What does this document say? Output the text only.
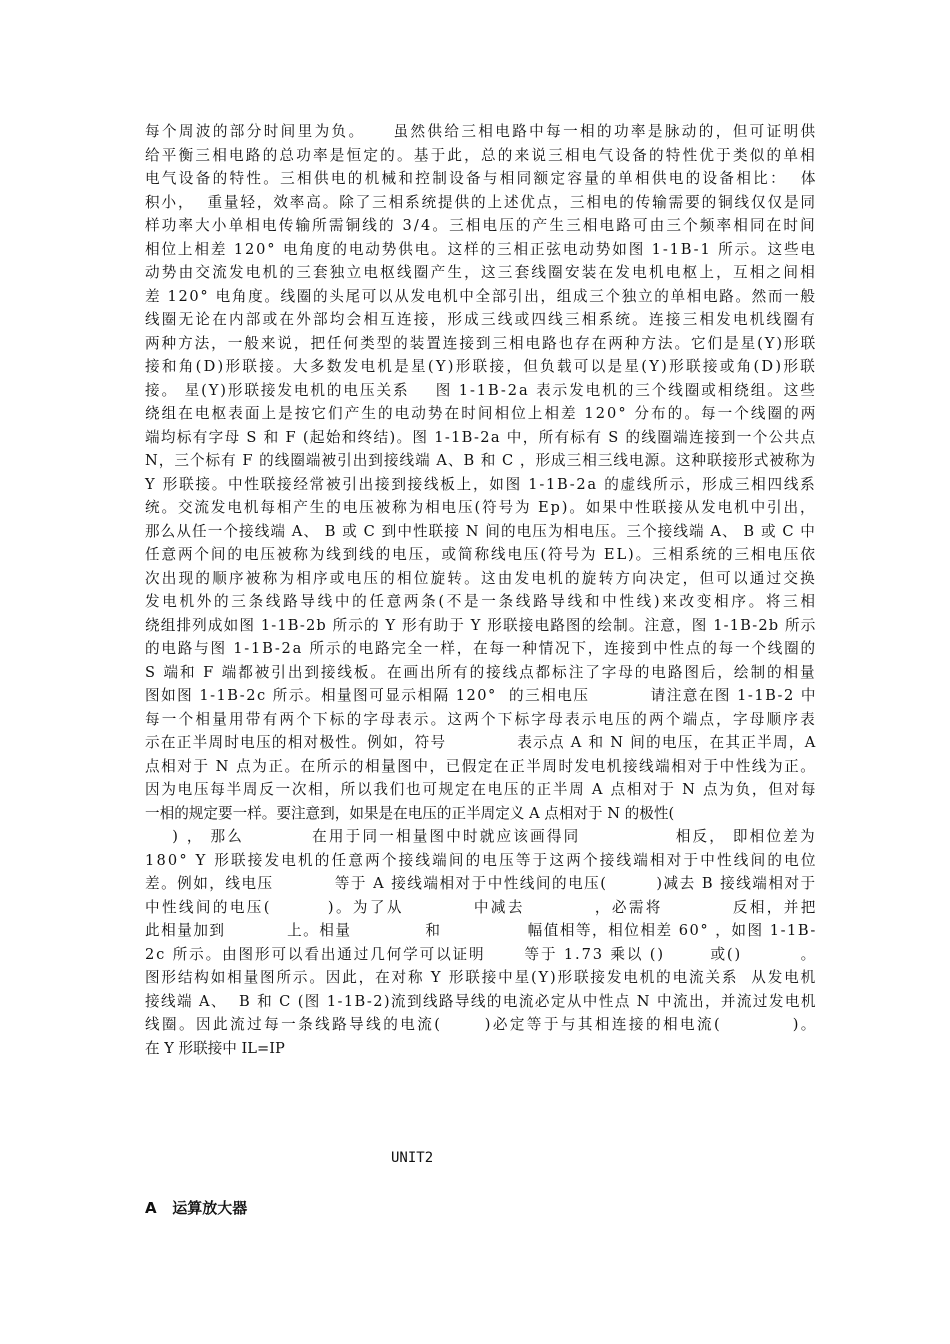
每个周波的部分时间里为负。    虽然供给三相电路中每一相的功率是脉动的，但可证明供
给平衡三相电路的总功率是恒定的。基于此，总的来说三相电气设备的特性优于类似的单相
电气设备的特性。三相供电的机械和控制设备与相同额定容量的单相供电的设备相比：  体
积小，  重量轻，效率高。除了三相系统提供的上述优点，三相电的传输需要的铜线仅仅是同
样功率大小单相电传输所需铜线的 3/4。三相电压的产生三相电路可由三个频率相同在时间
相位上相差 120° 电角度的电动势供电。这样的三相正弦电动势如图 1-1B-1 所示。这些电
动势由交流发电机的三套独立电枢线圈产生，这三套线圈安装在发电机电枢上，互相之间相
差 120° 电角度。线圈的头尾可以从发电机中全部引出，组成三个独立的单相电路。然而一般
线圈无论在内部或在外部均会相互连接，形成三线或四线三相系统。连接三相发电机线圈有
两种方法，一般来说，把任何类型的装置连接到三相电路也存在两种方法。它们是星(Y)形联
接和角(D)形联接。大多数发电机是星(Y)形联接，但负载可以是星(Y)形联接或角(D)形联
接。 星(Y)形联接发电机的电压关系    图 1-1B-2a 表示发电机的三个线圈或相绕组。这些
绕组在电枢表面上是按它们产生的电动势在时间相位上相差 120° 分布的。每一个线圈的两
端均标有字母 S 和 F (起始和终结)。图 1-1B-2a 中，所有标有 S 的线圈端连接到一个公共点
N，三个标有 F 的线圈端被引出到接线端 A、B 和 C ，形成三相三线电源。这种联接形式被称为
Y 形联接。中性联接经常被引出接到接线板上，如图 1-1B-2a 的虚线所示，形成三相四线系
统。交流发电机每相产生的电压被称为相电压(符号为 Ep)。如果中性联接从发电机中引出，
那么从任一个接线端 A、 B 或 C 到中性联接 N 间的电压为相电压。三个接线端 A、 B 或 C 中
任意两个间的电压被称为线到线的电压，或简称线电压(符号为 EL)。三相系统的三相电压依
次出现的顺序被称为相序或电压的相位旋转。这由发电机的旋转方向决定，但可以通过交换
发电机外的三条线路导线中的任意两条(不是一条线路导线和中性线)来改变相序。将三相
绕组排列成如图 1-1B-2b 所示的 Y 形有助于 Y 形联接电路图的绘制。注意，图 1-1B-2b 所示
的电路与图 1-1B-2a 所示的电路完全一样，在每一种情况下，连接到中性点的每一个线圈的
S 端和 F 端都被引出到接线板。在画出所有的接线点都标注了字母的电路图后，绘制的相量
图如图 1-1B-2c 所示。相量图可显示相隔 120°  的三相电压          请注意在图 1-1B-2 中
每一个相量用带有两个下标的字母表示。这两个下标字母表示电压的两个端点，字母顺序表
示在正半周时电压的相对极性。例如，符号            表示点 A 和 N 间的电压，在其正半周，A
点相对于 N 点为正。在所示的相量图中，已假定在正半周时发电机接线端相对于中性线为正。
因为电压每半周反一次相，所以我们也可规定在电压的正半周 A 点相对于 N 点为负，但对每
一相的规定要一样。要注意到，如果是在电压的正半周定义 A 点相对于 N 的极性(
) ， 那么          在用于同一相量图中时就应该画得同              相反， 即相位差为
180° Y 形联接发电机的任意两个接线端间的电压等于这两个接线端相对于中性线间的电位
差。例如，线电压          等于 A 接线端相对于中性线间的电压(        )减去 B 接线端相对于
中性线间的电压(        )。为了从          中减去          ，必需将          反相，并把
此相量加到          上。相量            和              幅值相等，相位相差 60° ，如图 1-1B-
2c 所示。由图形可以看出通过几何学可以证明      等于 1.73 乘以 ()       或()         。
图形结构如相量图所示。因此，在对称 Y 形联接中星(Y)形联接发电机的电流关系  从发电机
接线端 A、  B 和 C (图 1-1B-2)流到线路导线的电流必定从中性点 N 中流出，并流过发电机
线圈。因此流过每一条线路导线的电流(      )必定等于与其相连接的相电流(          )。
在 Y 形联接中 IL=IP
UNIT2
A   运算放大器
